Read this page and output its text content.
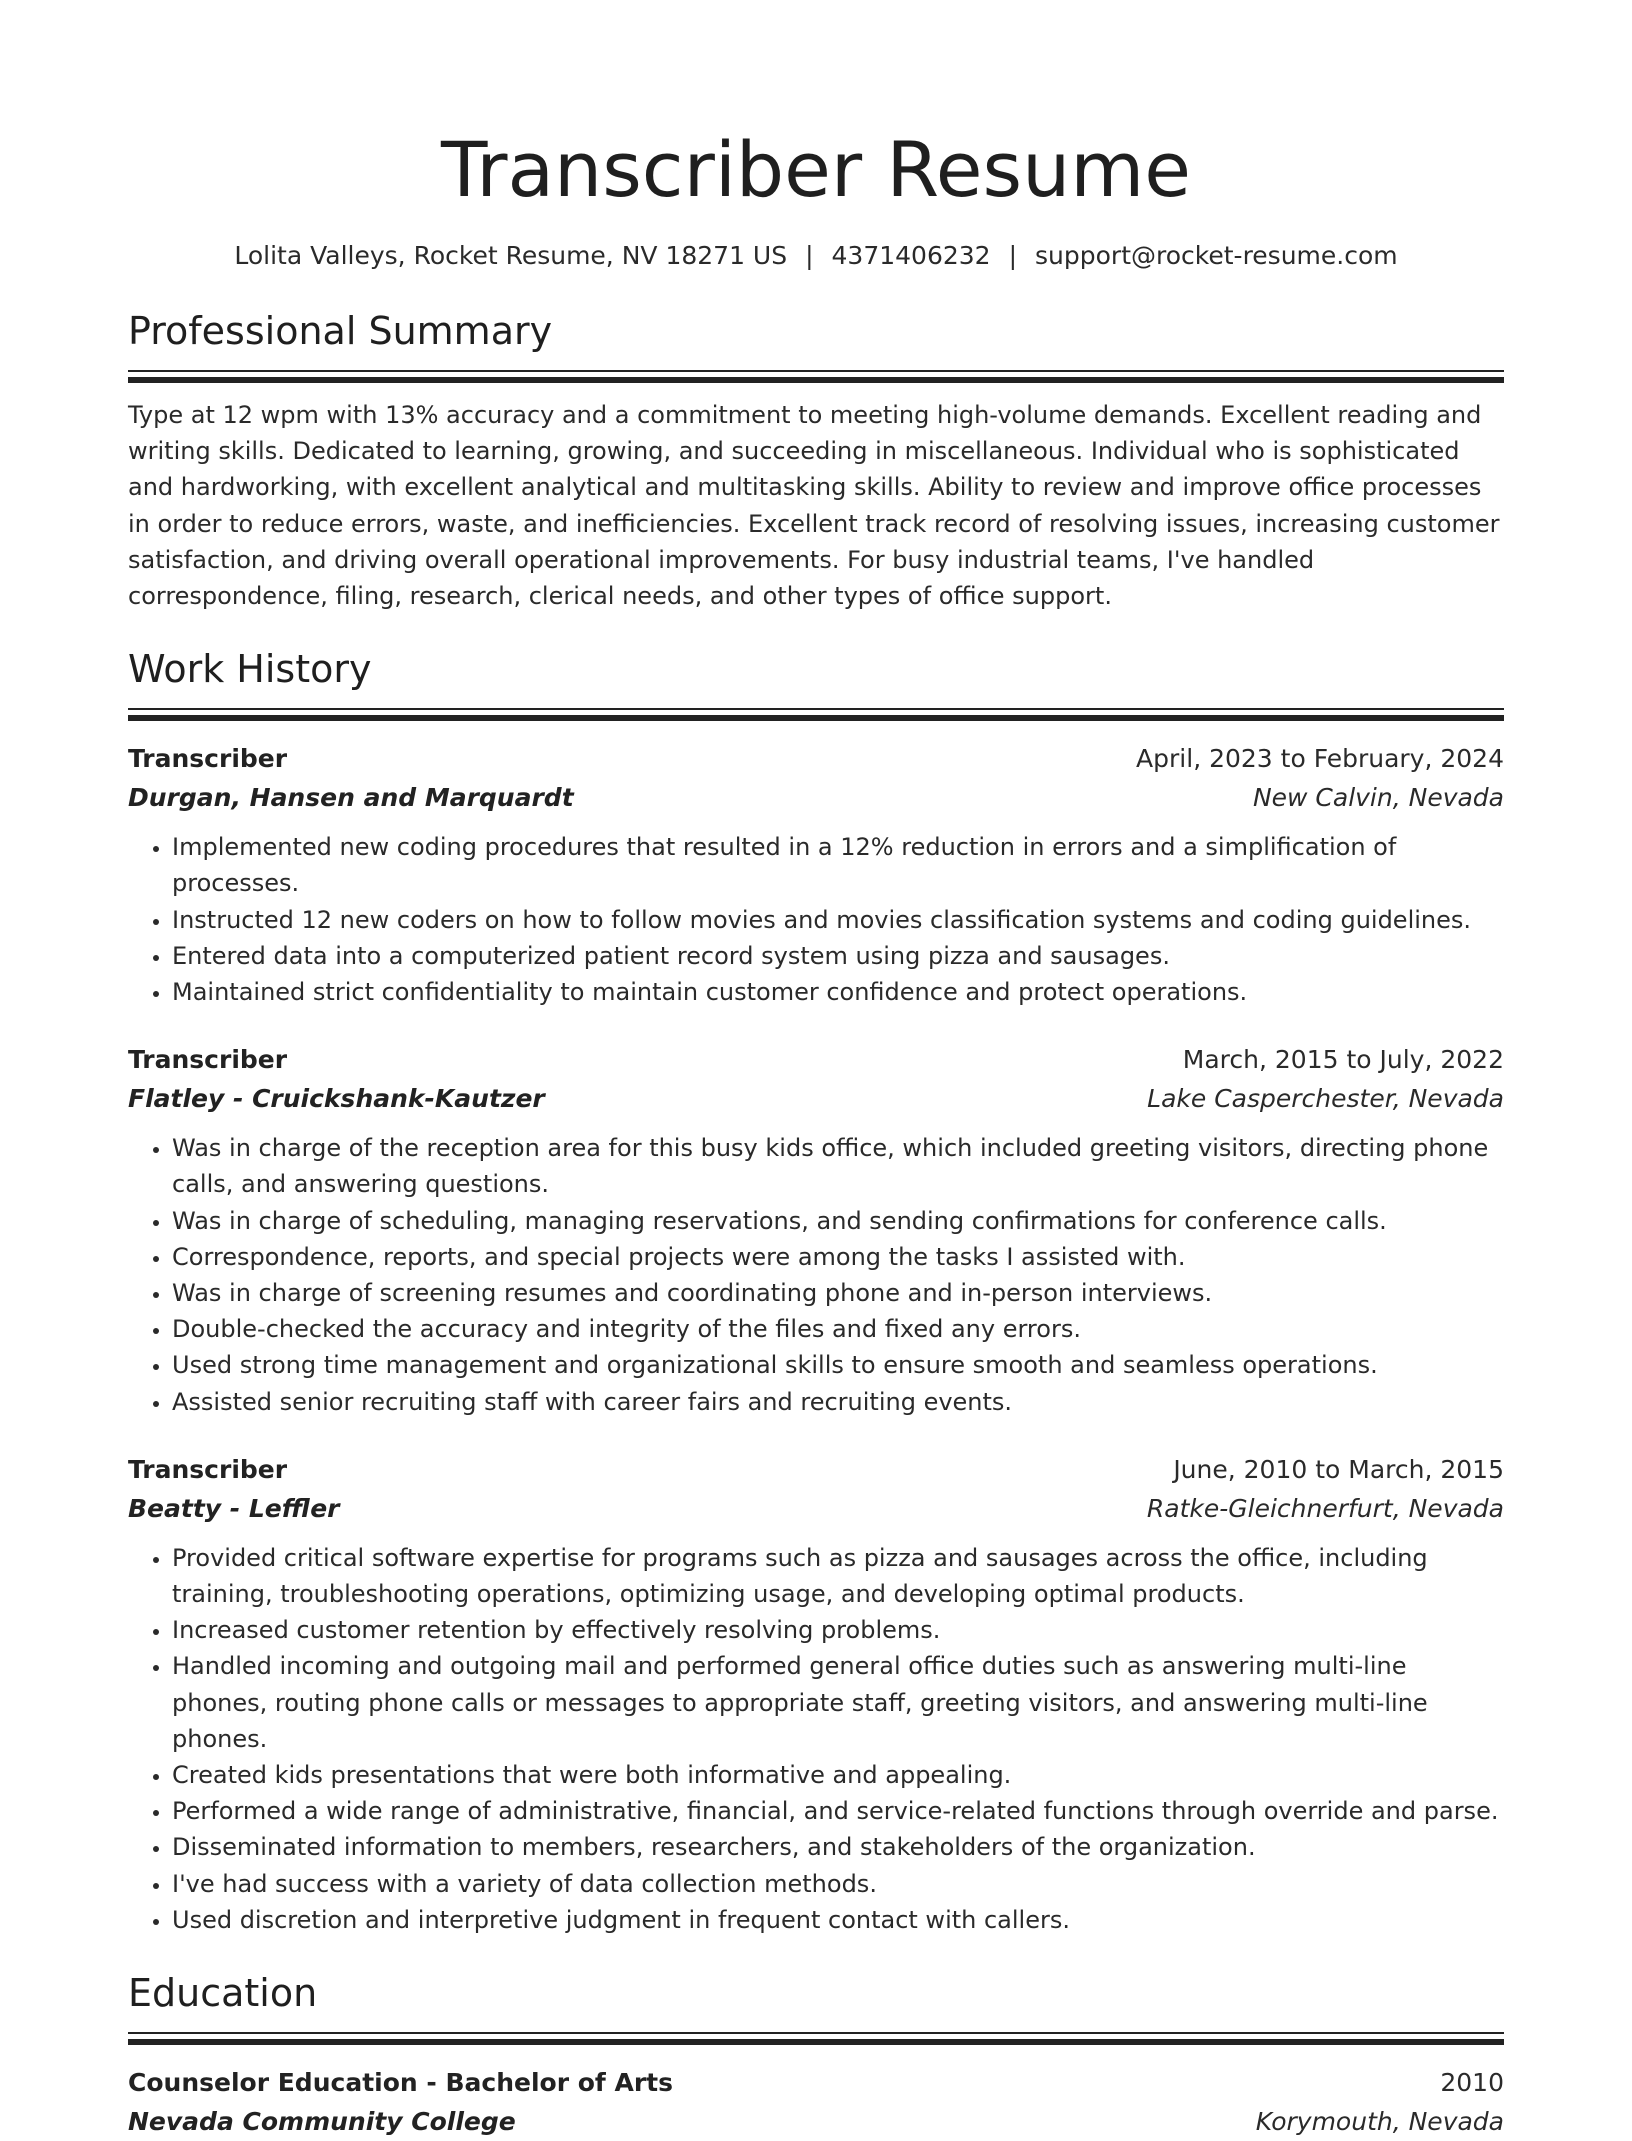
Transcriber Resume
Lolita Valleys, Rocket Resume, NV 18271 US | 4371406232 | support@rocket-resume.com
Professional Summary

Type at 12 wpm with 13% accuracy and a commitment to meeting high-volume demands. Excellent reading and writing skills. Dedicated to learning, growing, and succeeding in miscellaneous. Individual who is sophisticated and hardworking, with excellent analytical and multitasking skills. Ability to review and improve office processes in order to reduce errors, waste, and inefficiencies. Excellent track record of resolving issues, increasing customer satisfaction, and driving overall operational improvements. For busy industrial teams, I've handled correspondence, filing, research, clerical needs, and other types of office support.

Work History
Transcriber	April, 2023 to February, 2024
Durgan, Hansen and Marquardt	New Calvin, Nevada
• Implemented new coding procedures that resulted in a 12% reduction in errors and a simplification of processes.
• Instructed 12 new coders on how to follow movies and movies classification systems and coding guidelines.
• Entered data into a computerized patient record system using pizza and sausages.
• Maintained strict confidentiality to maintain customer confidence and protect operations.
Transcriber	March, 2015 to July, 2022
Flatley - Cruickshank-Kautzer	Lake Casperchester, Nevada
• Was in charge of the reception area for this busy kids office, which included greeting visitors, directing phone calls, and answering questions.
• Was in charge of scheduling, managing reservations, and sending confirmations for conference calls.
• Correspondence, reports, and special projects were among the tasks I assisted with.
• Was in charge of screening resumes and coordinating phone and in-person interviews.
• Double-checked the accuracy and integrity of the files and fixed any errors.
• Used strong time management and organizational skills to ensure smooth and seamless operations.
• Assisted senior recruiting staff with career fairs and recruiting events.
Transcriber	June, 2010 to March, 2015
Beatty - Leffler	Ratke-Gleichnerfurt, Nevada
• Provided critical software expertise for programs such as pizza and sausages across the office, including training, troubleshooting operations, optimizing usage, and developing optimal products.
• Increased customer retention by effectively resolving problems.
• Handled incoming and outgoing mail and performed general office duties such as answering multi-line phones, routing phone calls or messages to appropriate staff, greeting visitors, and answering multi-line phones.
• Created kids presentations that were both informative and appealing.
• Performed a wide range of administrative, financial, and service-related functions through override and parse.
• Disseminated information to members, researchers, and stakeholders of the organization.
• I've had success with a variety of data collection methods.
• Used discretion and interpretive judgment in frequent contact with callers.
Education
Counselor Education - Bachelor of Arts	2010
Nevada Community College	Korymouth, Nevada
